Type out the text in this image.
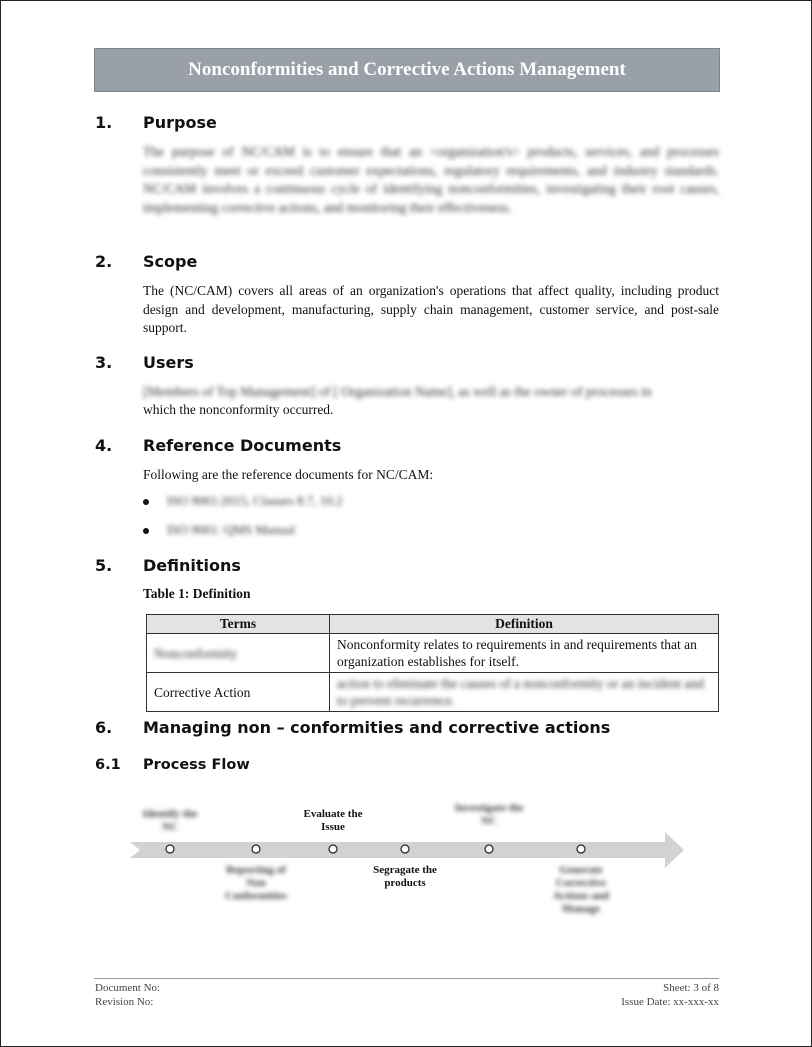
Nonconformities and Corrective Actions Management
1. Purpose
The purpose of NC/CAM is to ensure that an <organization's> products, services, and processes consistently meet or exceed customer expectations, regulatory requirements, and industry standards. NC/CAM involves a continuous cycle of identifying nonconformities, investigating their root causes, implementing corrective actions, and monitoring their effectiveness.
2. Scope
The (NC/CAM) covers all areas of an organization's operations that affect quality, including product design and development, manufacturing, supply chain management, customer service, and post-sale support.
3. Users
[Members of Top Management] of [ Organization Name], as well as the owner of processes in
which the nonconformity occurred.
4. Reference Documents
Following are the reference documents for NC/CAM:
ISO 9001:2015, Clauses 8.7, 10.2
ISO 9001: QMS Manual
5. Definitions
Table 1: Definition
Terms	Definition
Nonconformity	Nonconformity relates to requirements in and requirements that an organization establishes for itself.
Corrective Action	action to eliminate the causes of a nonconformity or an incident and to prevent recurrence.
6. Managing non – conformities and corrective actions
6.1 Process Flow
Identify the NC
Reporting of Non Conformities
Evaluate the Issue
Segragate the products
Investigate the NC
Generate Corrective Actions and Manage
Document No:
Revision No:
Sheet: 3 of 8
Issue Date: xx-xxx-xx
